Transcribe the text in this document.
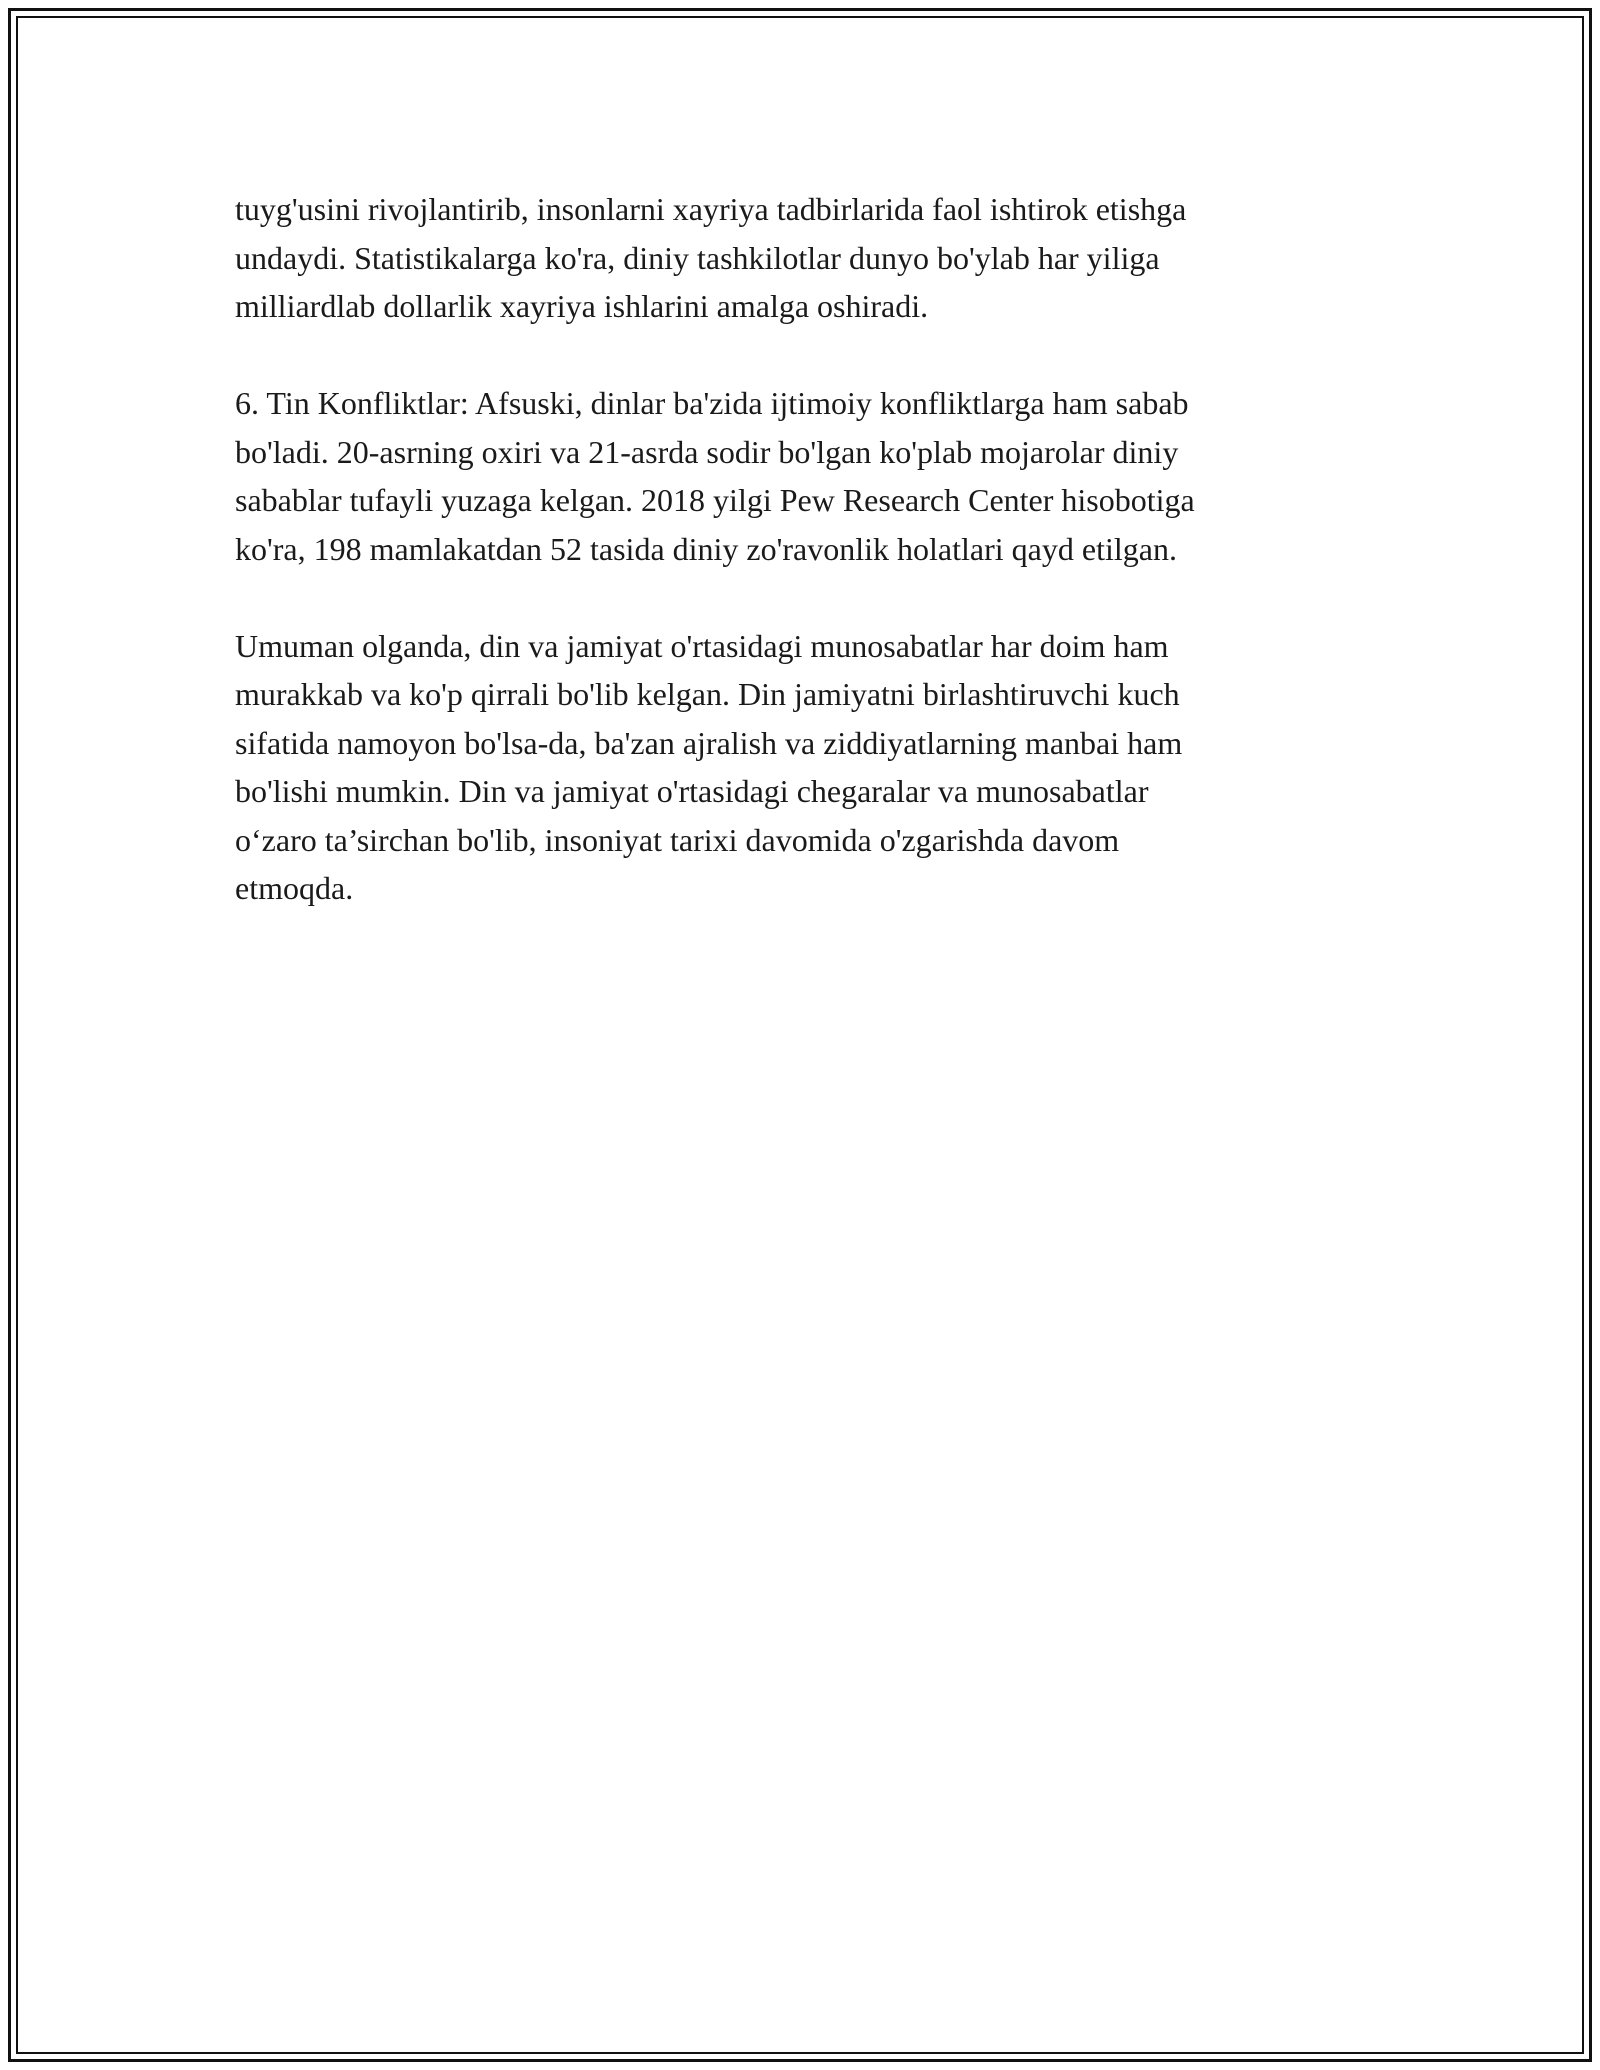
tuyg'usini rivojlantirib, insonlarni xayriya tadbirlarida faol ishtirok etishga
undaydi. Statistikalarga ko'ra, diniy tashkilotlar dunyo bo'ylab har yiliga
milliardlab dollarlik xayriya ishlarini amalga oshiradi.

6. Tin Konfliktlar: Afsuski, dinlar ba'zida ijtimoiy konfliktlarga ham sabab
bo'ladi. 20-asrning oxiri va 21-asrda sodir bo'lgan ko'plab mojarolar diniy
sabablar tufayli yuzaga kelgan. 2018 yilgi Pew Research Center hisobotiga
ko'ra, 198 mamlakatdan 52 tasida diniy zo'ravonlik holatlari qayd etilgan.

Umuman olganda, din va jamiyat o'rtasidagi munosabatlar har doim ham
murakkab va ko'p qirrali bo'lib kelgan. Din jamiyatni birlashtiruvchi kuch
sifatida namoyon bo'lsa-da, ba'zan ajralish va ziddiyatlarning manbai ham
bo'lishi mumkin. Din va jamiyat o'rtasidagi chegaralar va munosabatlar
o‘zaro ta’sirchan bo'lib, insoniyat tarixi davomida o'zgarishda davom
etmoqda.
